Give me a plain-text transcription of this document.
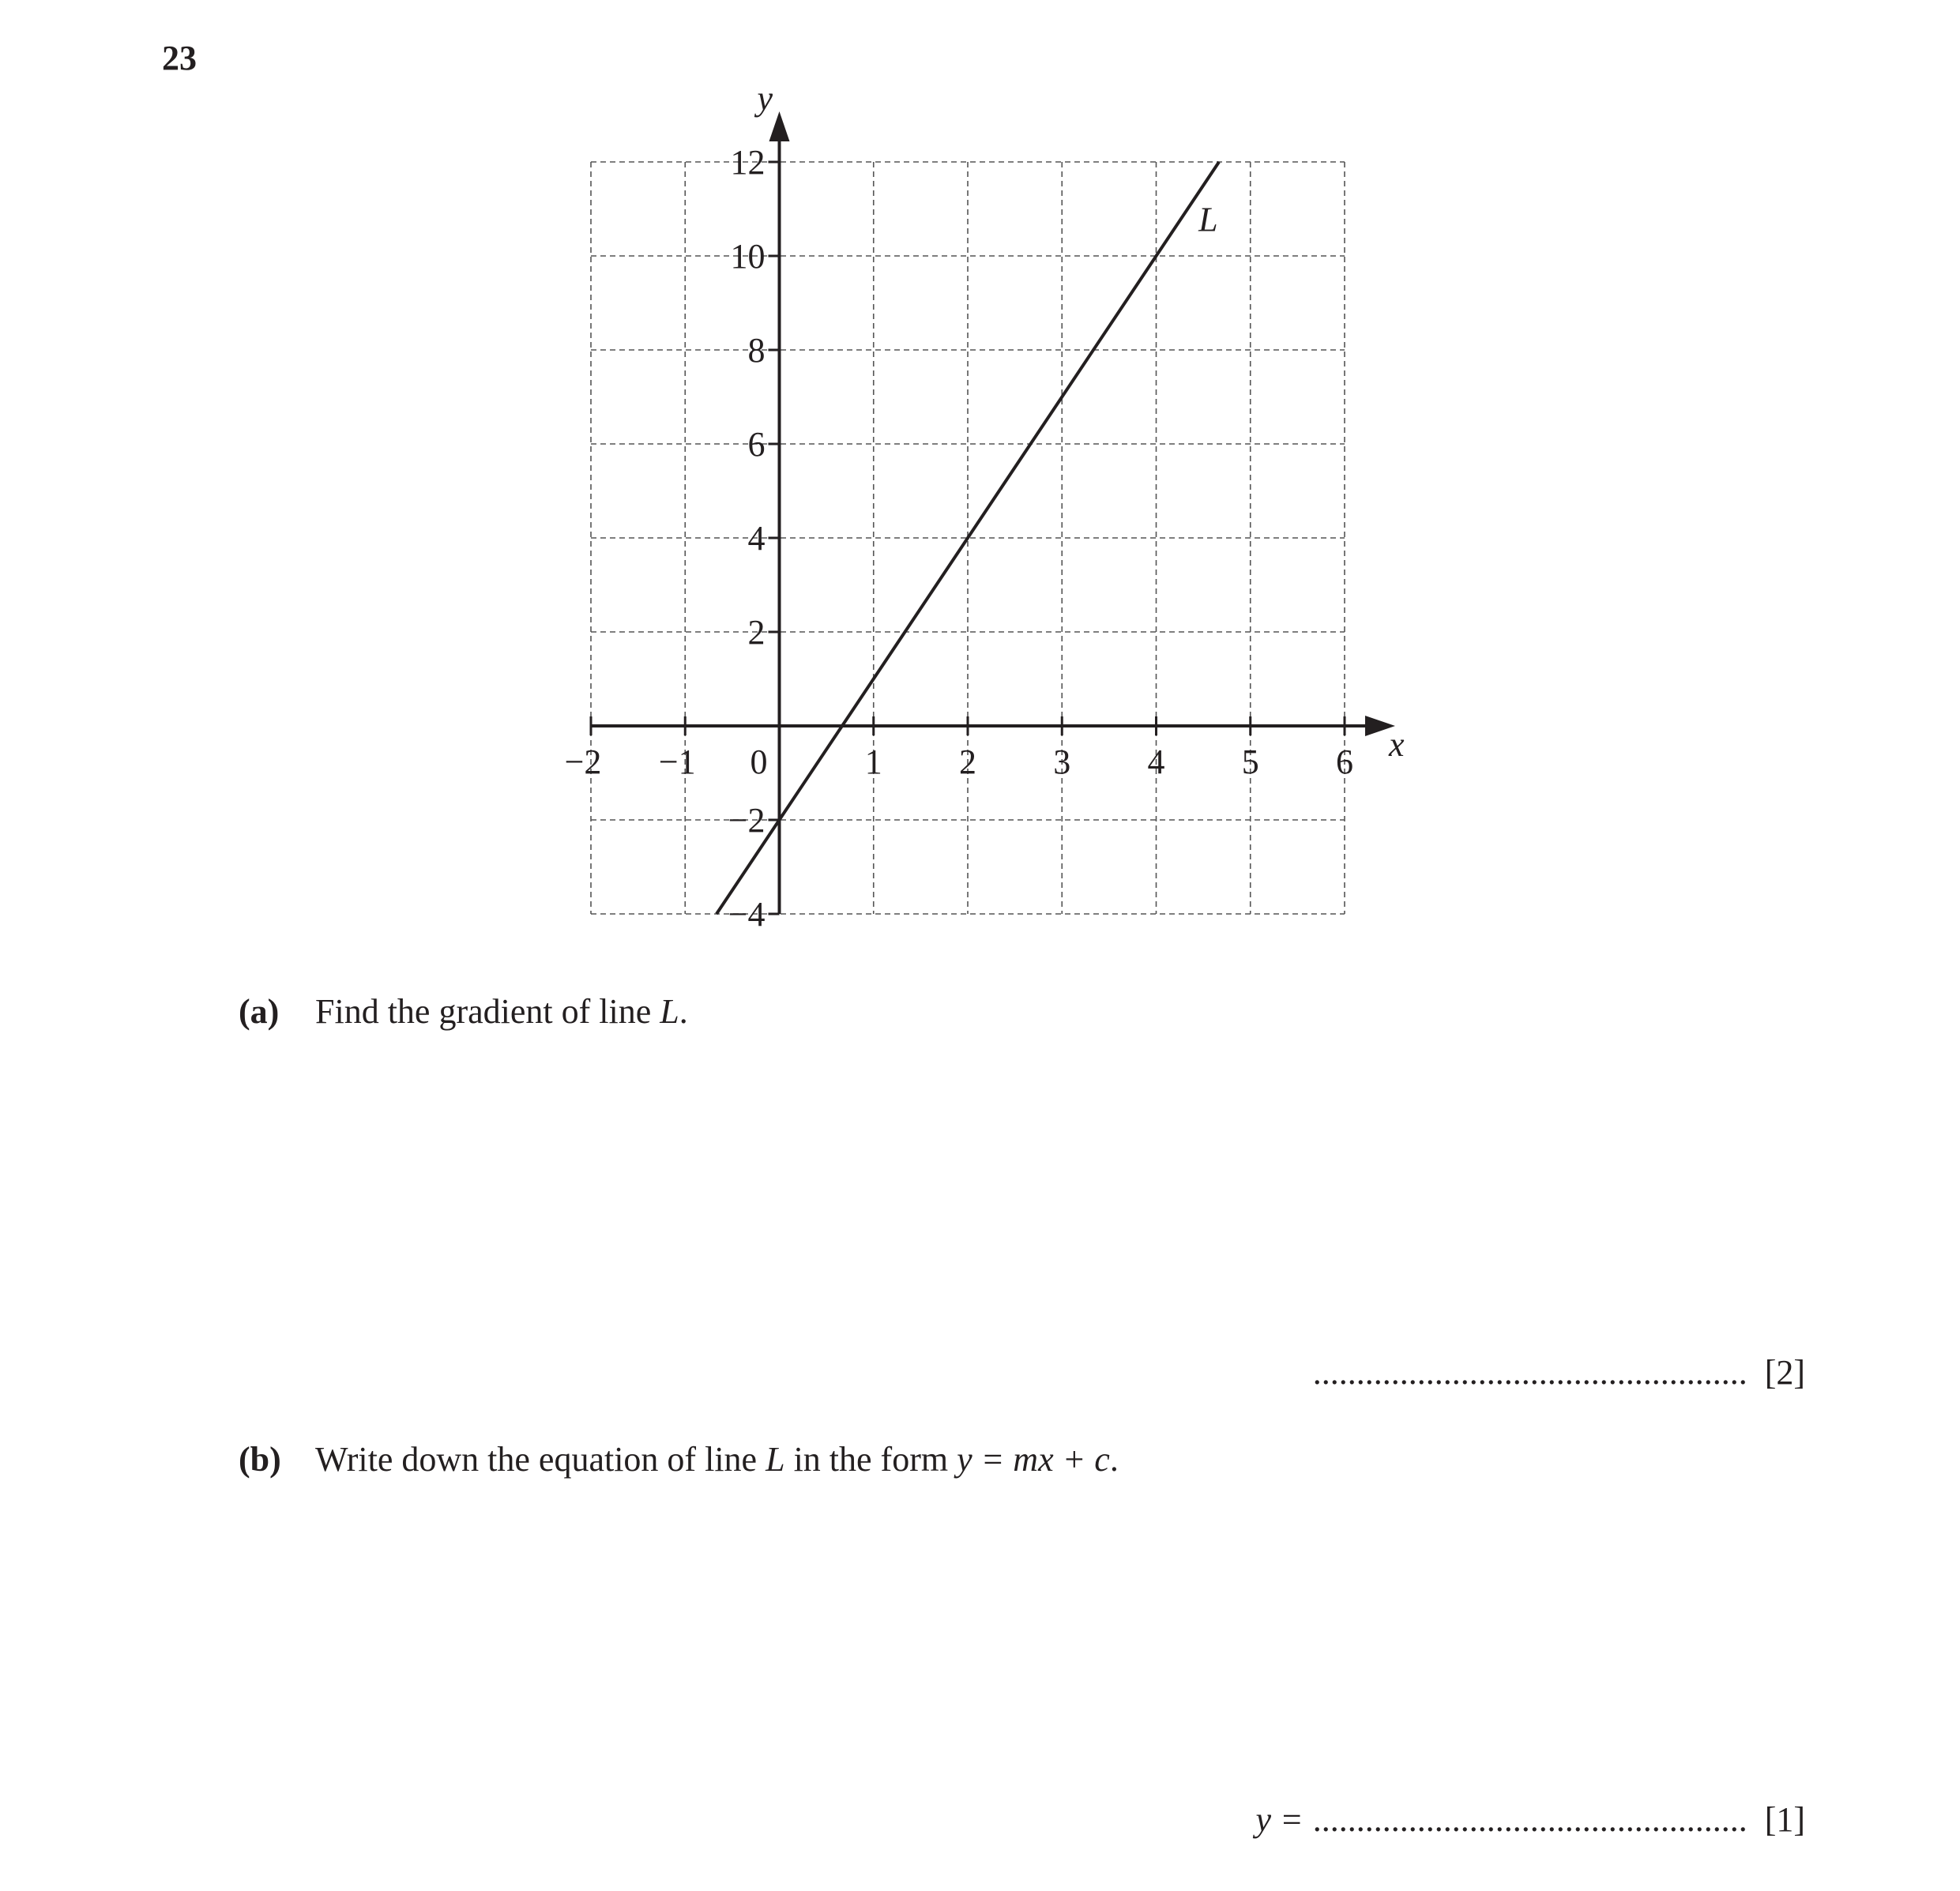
23
−2 −1 0	1 2 3 4 5 6
12
10
8
6
4
2
−2
−4
x
y
L
(a) Find the gradient of line L.
.................................................. [2]
(b) Write down the equation of line L in the form y = mx + c.
y = .................................................. [1]
